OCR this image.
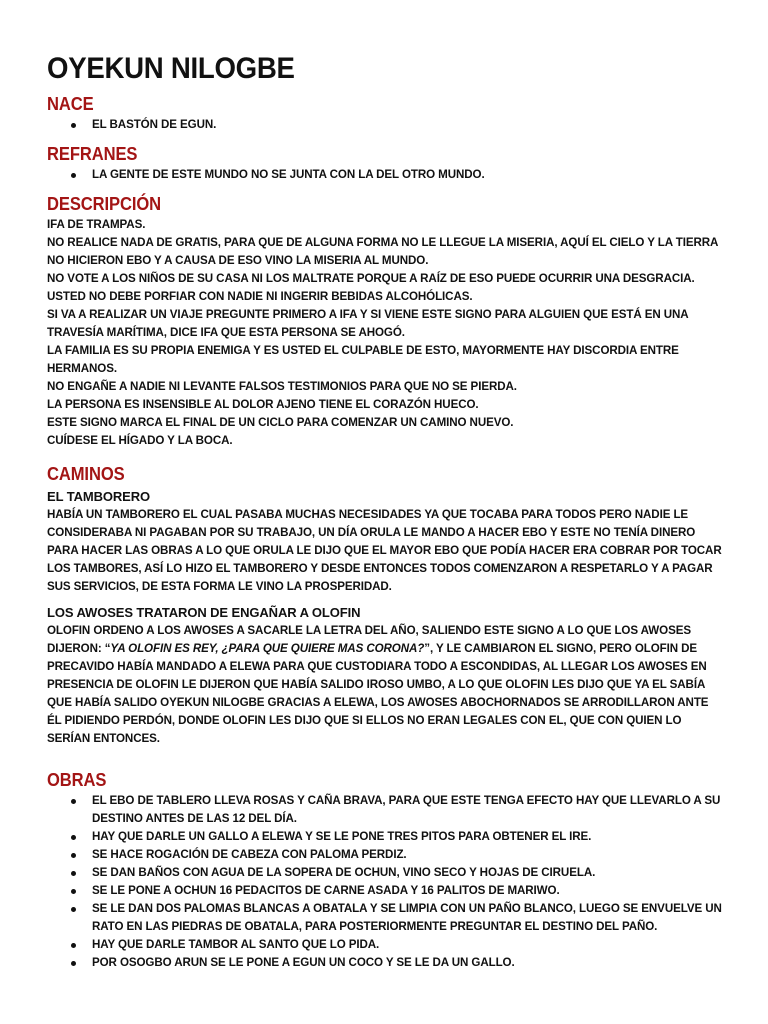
OYEKUN NILOGBE
NACE
EL BASTÓN DE EGUN.
REFRANES
LA GENTE DE ESTE MUNDO NO SE JUNTA CON LA DEL OTRO MUNDO.
DESCRIPCIÓN

IFA DE TRAMPAS.

NO REALICE NADA DE GRATIS, PARA QUE DE ALGUNA FORMA NO LE LLEGUE LA MISERIA, AQUÍ EL CIELO Y LA TIERRA NO HICIERON EBO Y A CAUSA DE ESO VINO LA MISERIA AL MUNDO.

NO VOTE A LOS NIÑOS DE SU CASA NI LOS MALTRATE PORQUE A RAÍZ DE ESO PUEDE OCURRIR UNA DESGRACIA.

USTED NO DEBE PORFIAR CON NADIE NI INGERIR BEBIDAS ALCOHÓLICAS.

SI VA A REALIZAR UN VIAJE PREGUNTE PRIMERO A IFA Y SI VIENE ESTE SIGNO PARA ALGUIEN QUE ESTÁ EN UNA TRAVESÍA MARÍTIMA, DICE IFA QUE ESTA PERSONA SE AHOGÓ.

LA FAMILIA ES SU PROPIA ENEMIGA Y ES USTED EL CULPABLE DE ESTO, MAYORMENTE HAY DISCORDIA ENTRE HERMANOS.

NO ENGAÑE A NADIE NI LEVANTE FALSOS TESTIMONIOS PARA QUE NO SE PIERDA.

LA PERSONA ES INSENSIBLE AL DOLOR AJENO TIENE EL CORAZÓN HUECO.

ESTE SIGNO MARCA EL FINAL DE UN CICLO PARA COMENZAR UN CAMINO NUEVO.

CUÍDESE EL HÍGADO Y LA BOCA.

CAMINOS
EL TAMBORERO

HABÍA UN TAMBORERO EL CUAL PASABA MUCHAS NECESIDADES YA QUE TOCABA PARA TODOS PERO NADIE LE CONSIDERABA NI PAGABAN POR SU TRABAJO, UN DÍA ORULA LE MANDO A HACER EBO Y ESTE NO TENÍA DINERO PARA HACER LAS OBRAS A LO QUE ORULA LE DIJO QUE EL MAYOR EBO QUE PODÍA HACER ERA COBRAR POR TOCAR LOS TAMBORES, ASÍ LO HIZO EL TAMBORERO Y DESDE ENTONCES TODOS COMENZARON A RESPETARLO Y A PAGAR SUS SERVICIOS, DE ESTA FORMA LE VINO LA PROSPERIDAD.

LOS AWOSES TRATARON DE ENGAÑAR A OLOFIN

OLOFIN ORDENO A LOS AWOSES A SACARLE LA LETRA DEL AÑO, SALIENDO ESTE SIGNO A LO QUE LOS AWOSES DIJERON: “YA OLOFIN ES REY, ¿PARA QUE QUIERE MAS CORONA?”, Y LE CAMBIARON EL SIGNO, PERO OLOFIN DE PRECAVIDO HABÍA MANDADO A ELEWA PARA QUE CUSTODIARA TODO A ESCONDIDAS, AL LLEGAR LOS AWOSES EN PRESENCIA DE OLOFIN LE DIJERON QUE HABÍA SALIDO IROSO UMBO, A LO QUE OLOFIN LES DIJO QUE YA EL SABÍA QUE HABÍA SALIDO OYEKUN NILOGBE GRACIAS A ELEWA, LOS AWOSES ABOCHORNADOS SE ARRODILLARON ANTE ÉL PIDIENDO PERDÓN, DONDE OLOFIN LES DIJO QUE SI ELLOS NO ERAN LEGALES CON EL, QUE CON QUIEN LO SERÍAN ENTONCES.

OBRAS
EL EBO DE TABLERO LLEVA ROSAS Y CAÑA BRAVA, PARA QUE ESTE TENGA EFECTO HAY QUE LLEVARLO A SU DESTINO ANTES DE LAS 12 DEL DÍA.
HAY QUE DARLE UN GALLO A ELEWA Y SE LE PONE TRES PITOS PARA OBTENER EL IRE.
SE HACE ROGACIÓN DE CABEZA CON PALOMA PERDIZ.
SE DAN BAÑOS CON AGUA DE LA SOPERA DE OCHUN, VINO SECO Y HOJAS DE CIRUELA.
SE LE PONE A OCHUN 16 PEDACITOS DE CARNE ASADA Y 16 PALITOS DE MARIWO.
SE LE DAN DOS PALOMAS BLANCAS A OBATALA Y SE LIMPIA CON UN PAÑO BLANCO, LUEGO SE ENVUELVE UN RATO EN LAS PIEDRAS DE OBATALA, PARA POSTERIORMENTE PREGUNTAR EL DESTINO DEL PAÑO.
HAY QUE DARLE TAMBOR AL SANTO QUE LO PIDA.
POR OSOGBO ARUN SE LE PONE A EGUN UN COCO Y SE LE DA UN GALLO.
